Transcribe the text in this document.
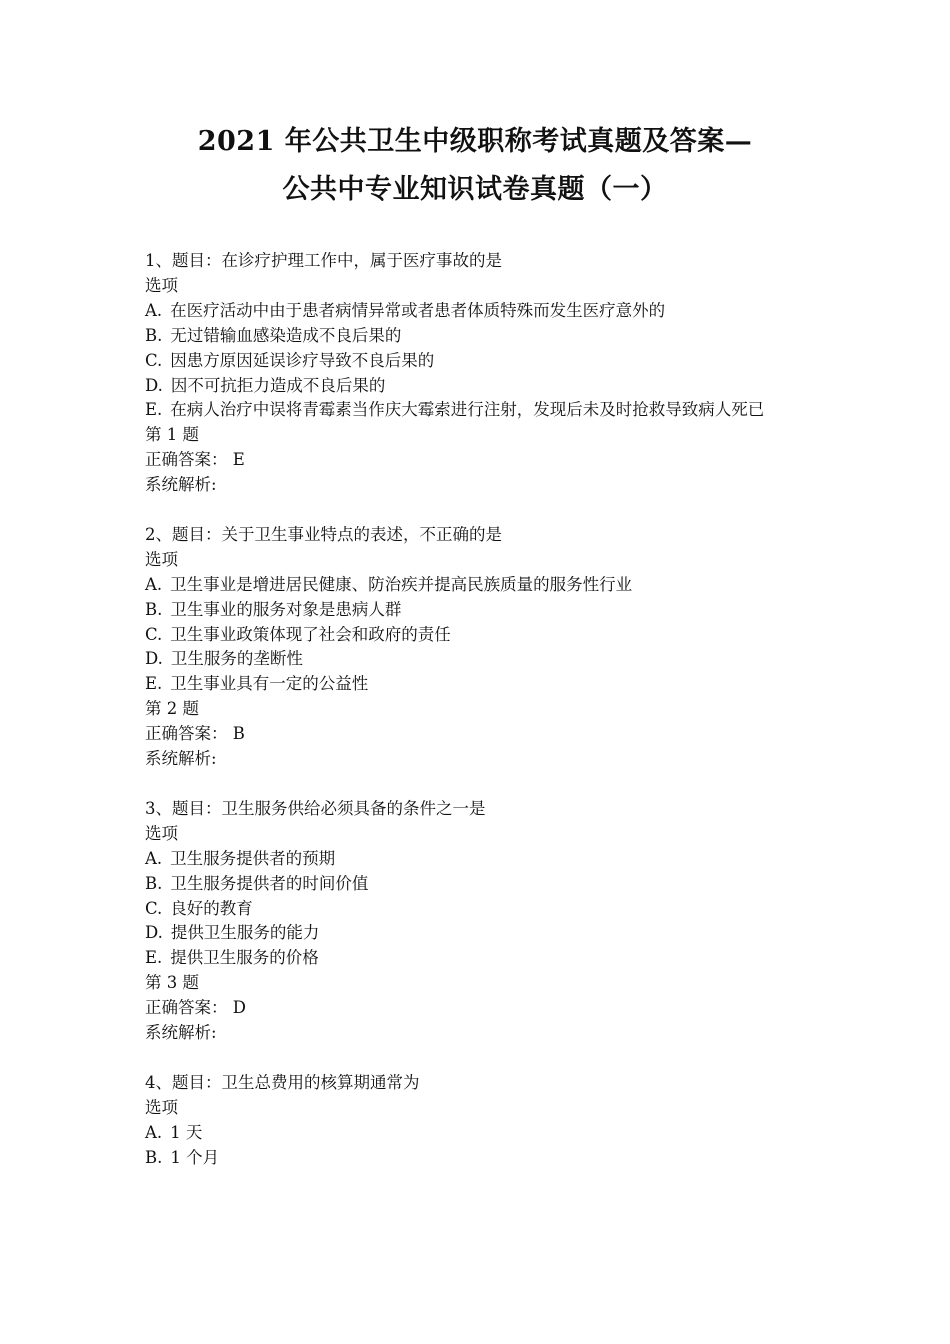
2021 年公共卫生中级职称考试真题及答案—
公共中专业知识试卷真题（一）
1、题目：在诊疗护理工作中，属于医疗事故的是
选项
A. 在医疗活动中由于患者病情异常或者患者体质特殊而发生医疗意外的
B. 无过错输血感染造成不良后果的
C. 因患方原因延误诊疗导致不良后果的
D. 因不可抗拒力造成不良后果的
E. 在病人治疗中误将青霉素当作庆大霉索进行注射，发现后未及时抢救导致病人死已
第 1 题
正确答案： E
系统解析:
2、题目：关于卫生事业特点的表述，不正确的是
选项
A. 卫生事业是增进居民健康、防治疾并提高民族质量的服务性行业
B. 卫生事业的服务对象是患病人群
C. 卫生事业政策体现了社会和政府的责任
D. 卫生服务的垄断性
E. 卫生事业具有一定的公益性
第 2 题
正确答案： B
系统解析:
3、题目：卫生服务供给必须具备的条件之一是
选项
A. 卫生服务提供者的预期
B. 卫生服务提供者的时间价值
C. 良好的教育
D. 提供卫生服务的能力
E. 提供卫生服务的价格
第 3 题
正确答案： D
系统解析:
4、题目：卫生总费用的核算期通常为
选项
A. 1 天
B. 1 个月
